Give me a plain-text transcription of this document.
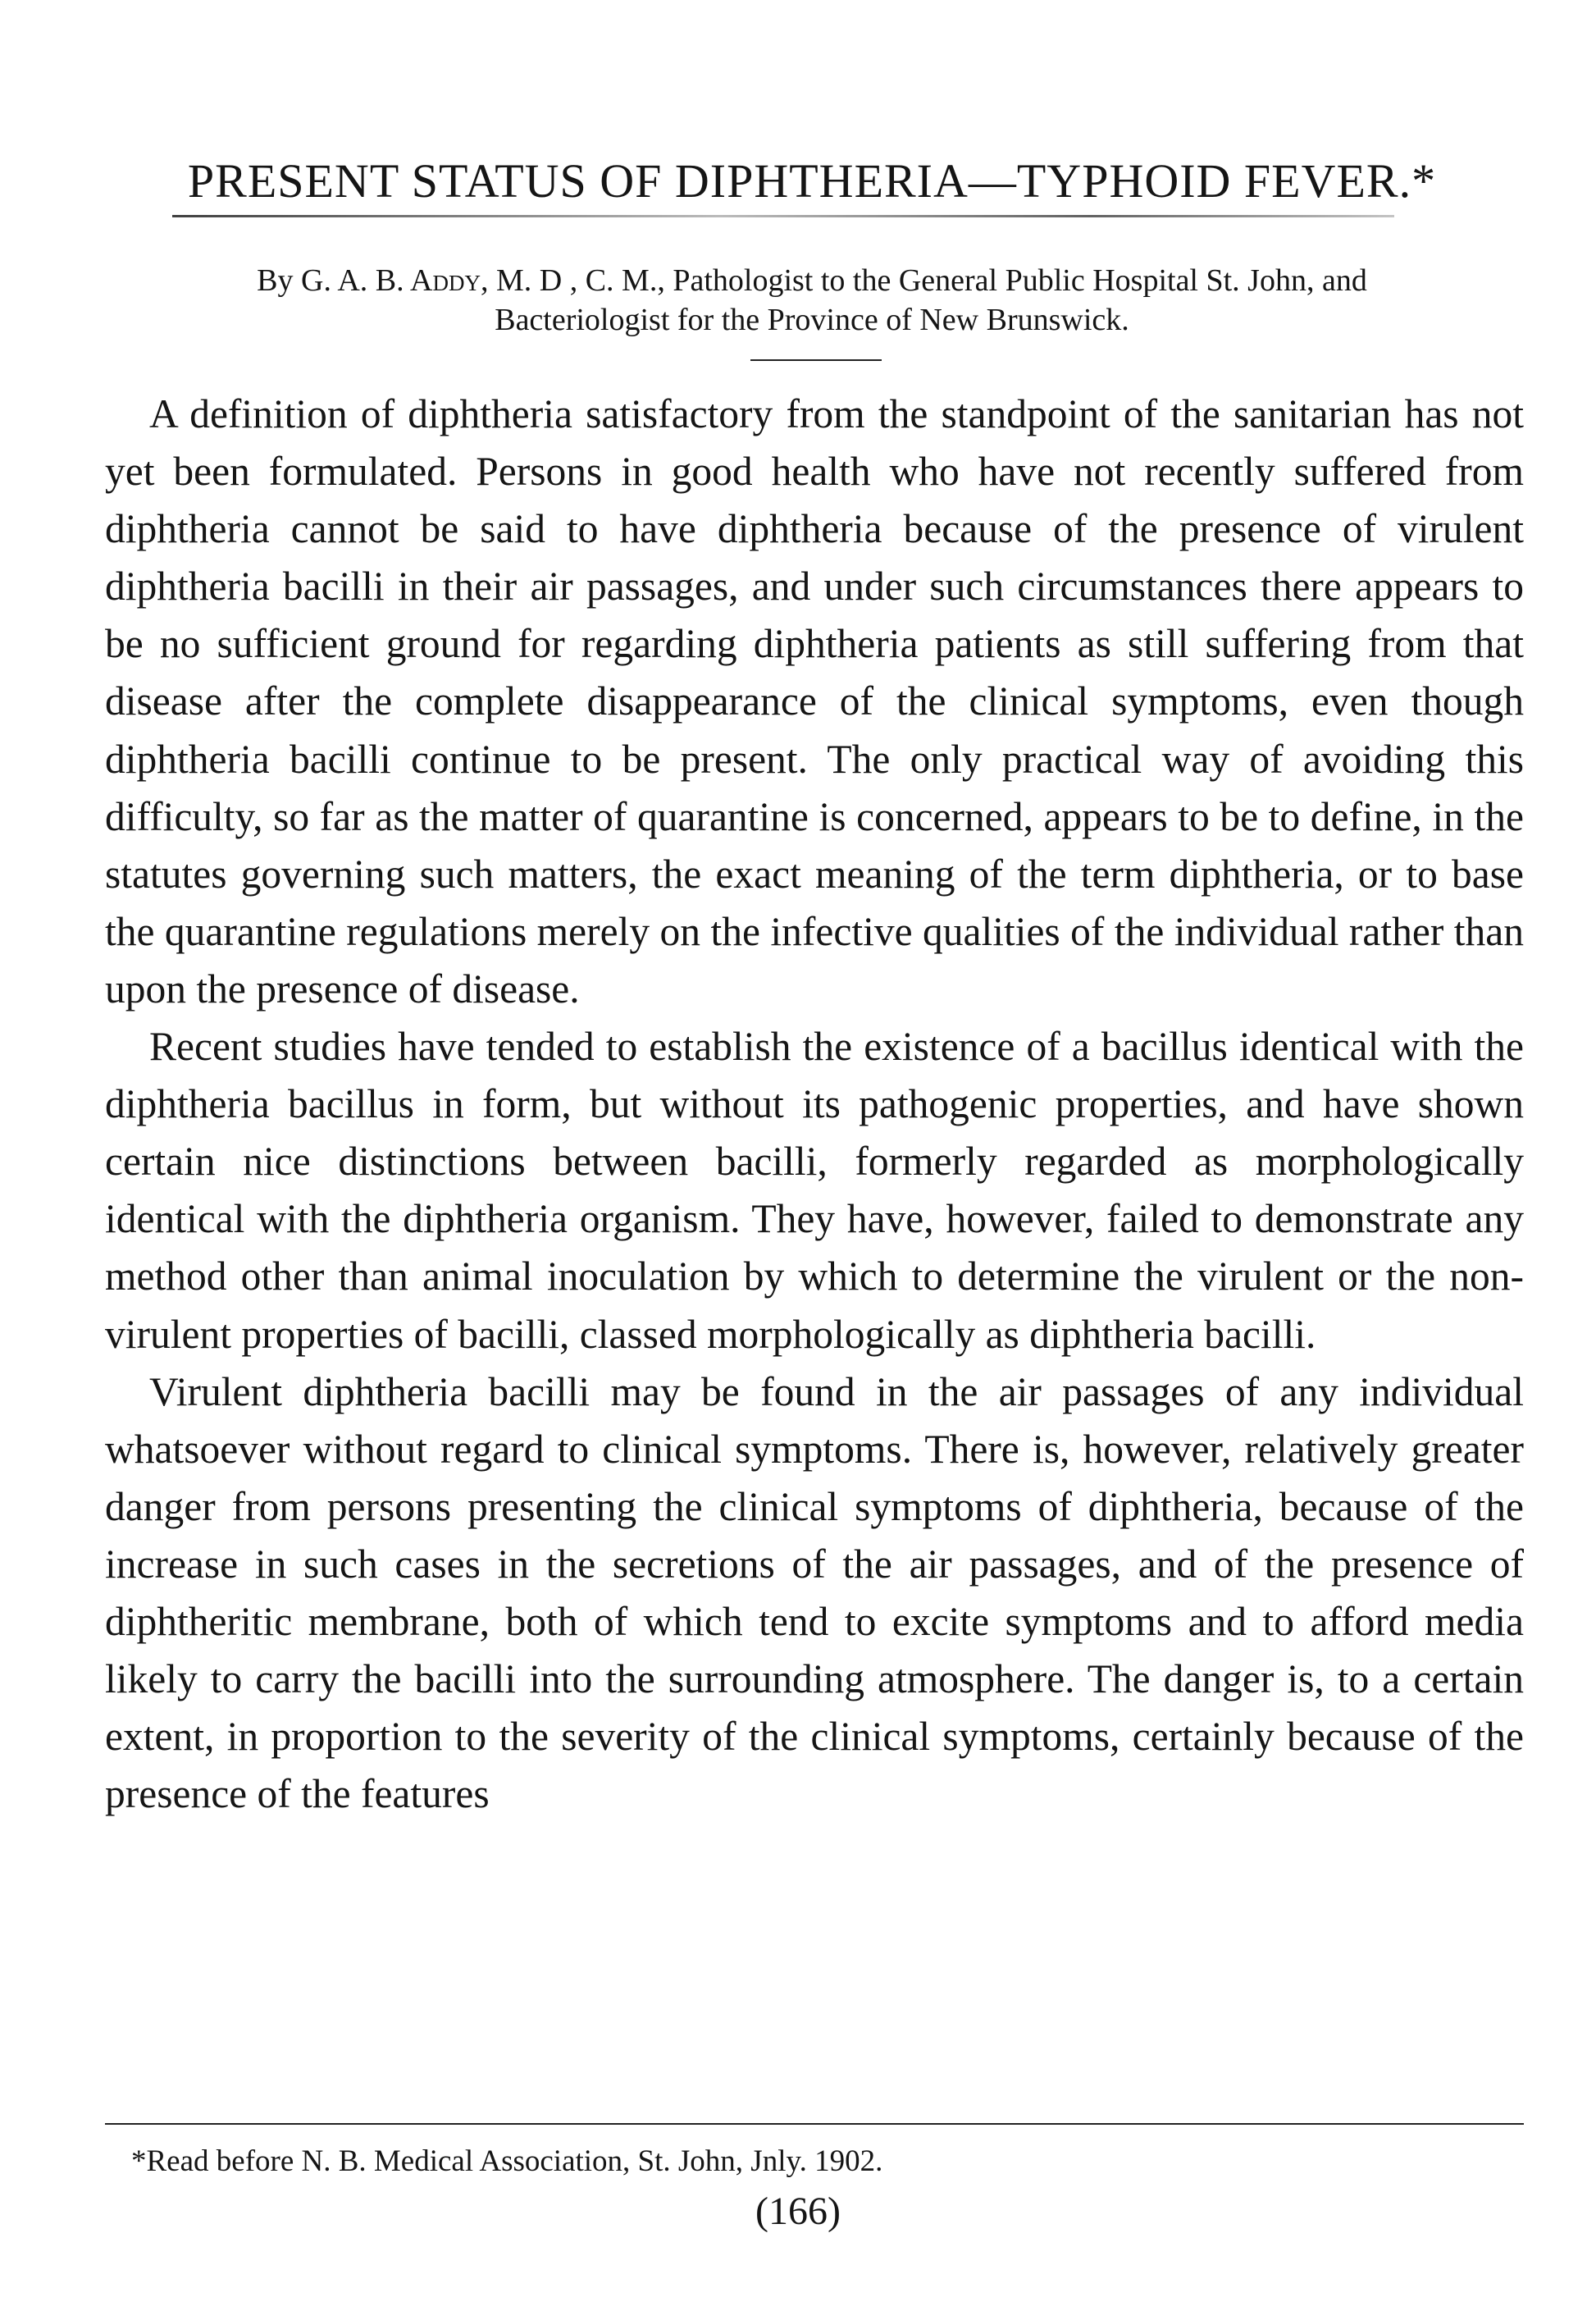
PRESENT STATUS OF DIPHTHERIA—TYPHOID FEVER.*
By G. A. B. Addy, M. D , C. M., Pathologist to the General Public Hospital St. John, and
Bacteriologist for the Province of New Brunswick.

A definition of diphtheria satisfactory from the standpoint of the sanitarian has not yet been formulated. Persons in good health who have not recently suffered from diphtheria cannot be said to have diphtheria because of the presence of virulent diphtheria bacilli in their air passages, and under such circumstances there appears to be no sufficient ground for regarding diphtheria patients as still suffering from that disease after the complete disappearance of the clinical symptoms, even though diphtheria bacilli continue to be present. The only practical way of avoiding this difficulty, so far as the matter of quarantine is concerned, appears to be to define, in the statutes governing such matters, the exact meaning of the term diphtheria, or to base the quarantine regulations merely on the infective qualities of the individual rather than upon the presence of disease.

Recent studies have tended to establish the existence of a bacillus identical with the diphtheria bacillus in form, but without its pathogenic properties, and have shown certain nice distinctions between bacilli, formerly regarded as morphologically identical with the diphtheria organism. They have, however, failed to demonstrate any method other than animal inoculation by which to determine the virulent or the non-virulent properties of bacilli, classed morphologically as diphtheria bacilli.

Virulent diphtheria bacilli may be found in the air passages of any individual whatsoever without regard to clinical symptoms. There is, however, relatively greater danger from persons presenting the clinical symptoms of diphtheria, because of the increase in such cases in the secretions of the air passages, and of the presence of diphtheritic membrane, both of which tend to excite symptoms and to afford media likely to carry the bacilli into the surrounding atmosphere. The danger is, to a certain extent, in proportion to the severity of the clinical symptoms, certainly because of the presence of the features

*Read before N. B. Medical Association, St. John, Jnly. 1902.
(166)
